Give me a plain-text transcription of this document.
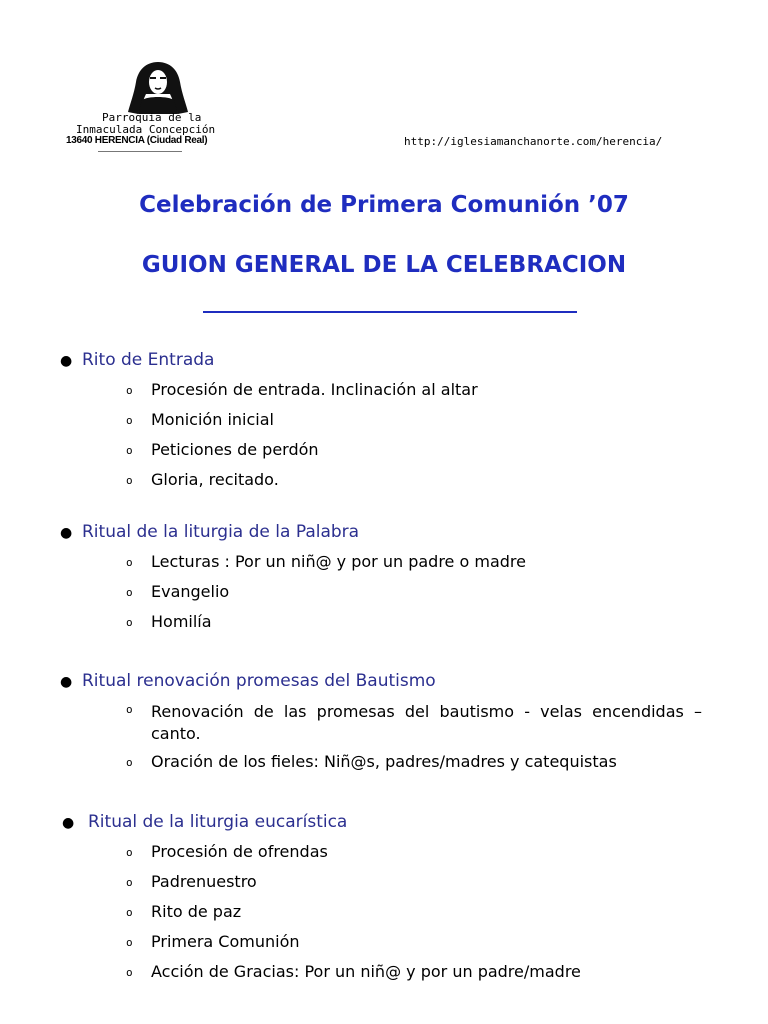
Parroquia de la
Inmaculada Concepción
13640 HERENCIA (Ciudad Real)	http://iglesiamanchanorte.com/herencia/
Celebración de Primera Comunión ’07
GUION GENERAL DE LA CELEBRACION
● Rito de Entrada
o Procesión de entrada. Inclinación al altar
o Monición inicial
o Peticiones de perdón
o Gloria, recitado.
● Ritual de la liturgia de la Palabra
o Lecturas : Por un niñ@ y por un padre o madre
o Evangelio
o Homilía
● Ritual renovación promesas del Bautismo
o Renovación de las promesas del bautismo - velas encendidas – canto.
o Oración de los fieles: Niñ@s, padres/madres y catequistas
● Ritual de la liturgia eucarística
o Procesión de ofrendas
o Padrenuestro
o Rito de paz
o Primera Comunión
o Acción de Gracias: Por un niñ@ y por un padre/madre
